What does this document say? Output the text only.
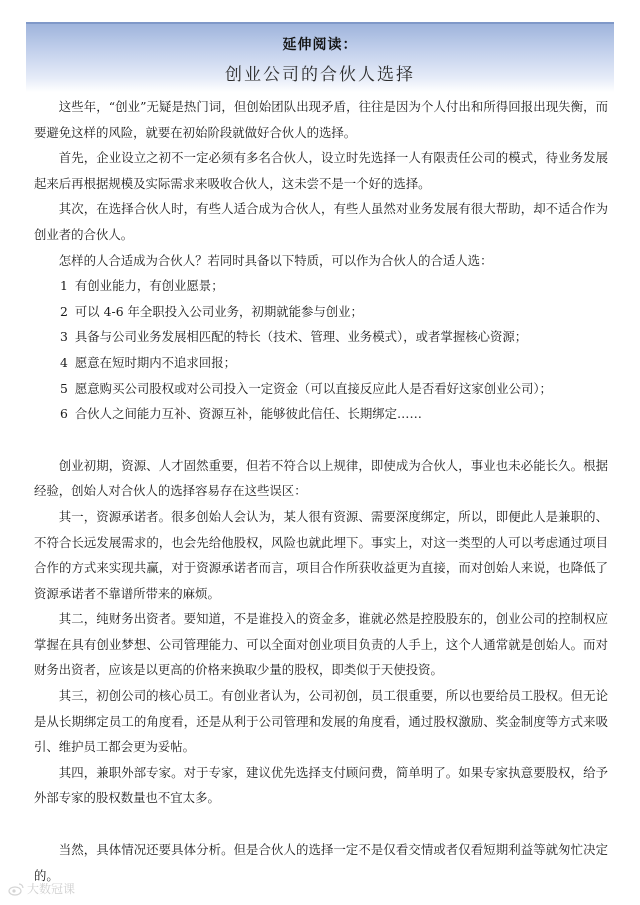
延伸阅读：
创业公司的合伙人选择

这些年，“创业”无疑是热门词，但创始团队出现矛盾，往往是因为个人付出和所得回报出现失衡，而要避免这样的风险，就要在初始阶段就做好合伙人的选择。

首先，企业设立之初不一定必须有多名合伙人，设立时先选择一人有限责任公司的模式，待业务发展起来后再根据规模及实际需求来吸收合伙人，这未尝不是一个好的选择。

其次，在选择合伙人时，有些人适合成为合伙人，有些人虽然对业务发展有很大帮助，却不适合作为创业者的合伙人。

怎样的人合适成为合伙人？若同时具备以下特质，可以作为合伙人的合适人选：

1 有创业能力，有创业愿景；
2 可以 4-6 年全职投入公司业务，初期就能参与创业；
3 具备与公司业务发展相匹配的特长（技术、管理、业务模式），或者掌握核心资源；
4 愿意在短时期内不追求回报；
5 愿意购买公司股权或对公司投入一定资金（可以直接反应此人是否看好这家创业公司）；
6 合伙人之间能力互补、资源互补，能够彼此信任、长期绑定……

创业初期，资源、人才固然重要，但若不符合以上规律，即使成为合伙人，事业也未必能长久。根据经验，创始人对合伙人的选择容易存在这些误区：

其一，资源承诺者。很多创始人会认为，某人很有资源、需要深度绑定，所以，即便此人是兼职的、不符合长远发展需求的，也会先给他股权，风险也就此埋下。事实上，对这一类型的人可以考虑通过项目合作的方式来实现共赢，对于资源承诺者而言，项目合作所获收益更为直接，而对创始人来说，也降低了资源承诺者不靠谱所带来的麻烦。

其二，纯财务出资者。要知道，不是谁投入的资金多，谁就必然是控股股东的，创业公司的控制权应掌握在具有创业梦想、公司管理能力、可以全面对创业项目负责的人手上，这个人通常就是创始人。而对财务出资者，应该是以更高的价格来换取少量的股权，即类似于天使投资。

其三，初创公司的核心员工。有创业者认为，公司初创，员工很重要，所以也要给员工股权。但无论是从长期绑定员工的角度看，还是从利于公司管理和发展的角度看，通过股权激励、奖金制度等方式来吸引、维护员工都会更为妥帖。

其四，兼职外部专家。对于专家，建议优先选择支付顾问费，简单明了。如果专家执意要股权，给予外部专家的股权数量也不宜太多。

当然，具体情况还要具体分析。但是合伙人的选择一定不是仅看交情或者仅看短期利益等就匆忙决定的。

大数冠课
